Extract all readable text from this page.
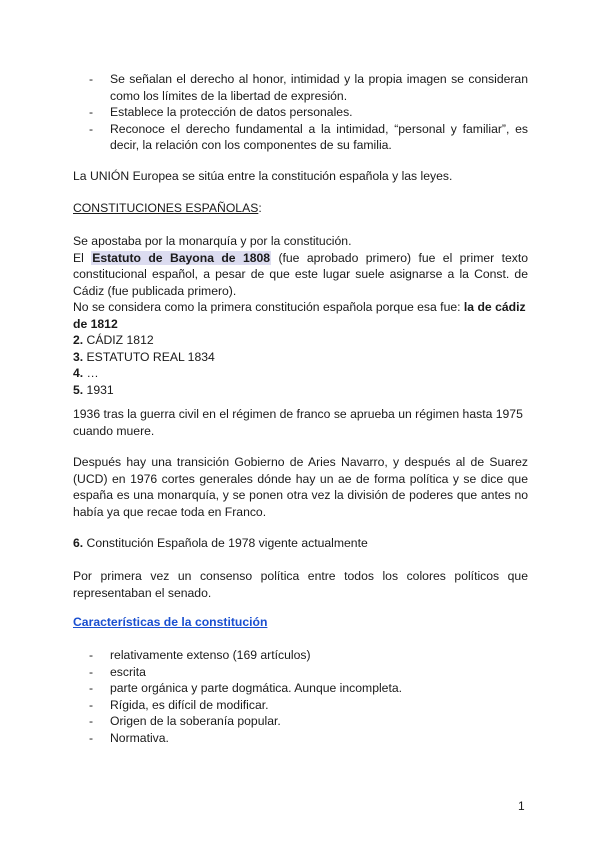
- Se señalan el derecho al honor, intimidad y la propia imagen se consideran como los límites de la libertad de expresión.
- Establece la protección de datos personales.
- Reconoce el derecho fundamental a la intimidad, “personal y familiar”, es decir, la relación con los componentes de su familia.

La UNIÓN Europea se sitúa entre la constitución española y las leyes.

CONSTITUCIONES ESPAÑOLAS:

Se apostaba por la monarquía y por la constitución.

El Estatuto de Bayona de 1808 (fue aprobado primero) fue el primer texto constitucional español, a pesar de que este lugar suele asignarse a la Const. de Cádiz (fue publicada primero).

No se considera como la primera constitución española porque esa fue: la de cádiz de 1812

2. CÁDIZ 1812

3. ESTATUTO REAL 1834

4. …

5. 1931

1936 tras la guerra civil en el régimen de franco se aprueba un régimen hasta 1975 cuando muere.

Después hay una transición Gobierno de Aries Navarro, y después al de Suarez (UCD) en 1976 cortes generales dónde hay un ae de forma política y se dice que españa es una monarquía, y se ponen otra vez la división de poderes que antes no había ya que recae toda en Franco.

6. Constitución Española de 1978 vigente actualmente

Por primera vez un consenso política entre todos los colores políticos que representaban el senado.

Características de la constitución

- relativamente extenso (169 artículos)
- escrita
- parte orgánica y parte dogmática. Aunque incompleta.
- Rígida, es difícil de modificar.
- Origen de la soberanía popular.
- Normativa.
1
